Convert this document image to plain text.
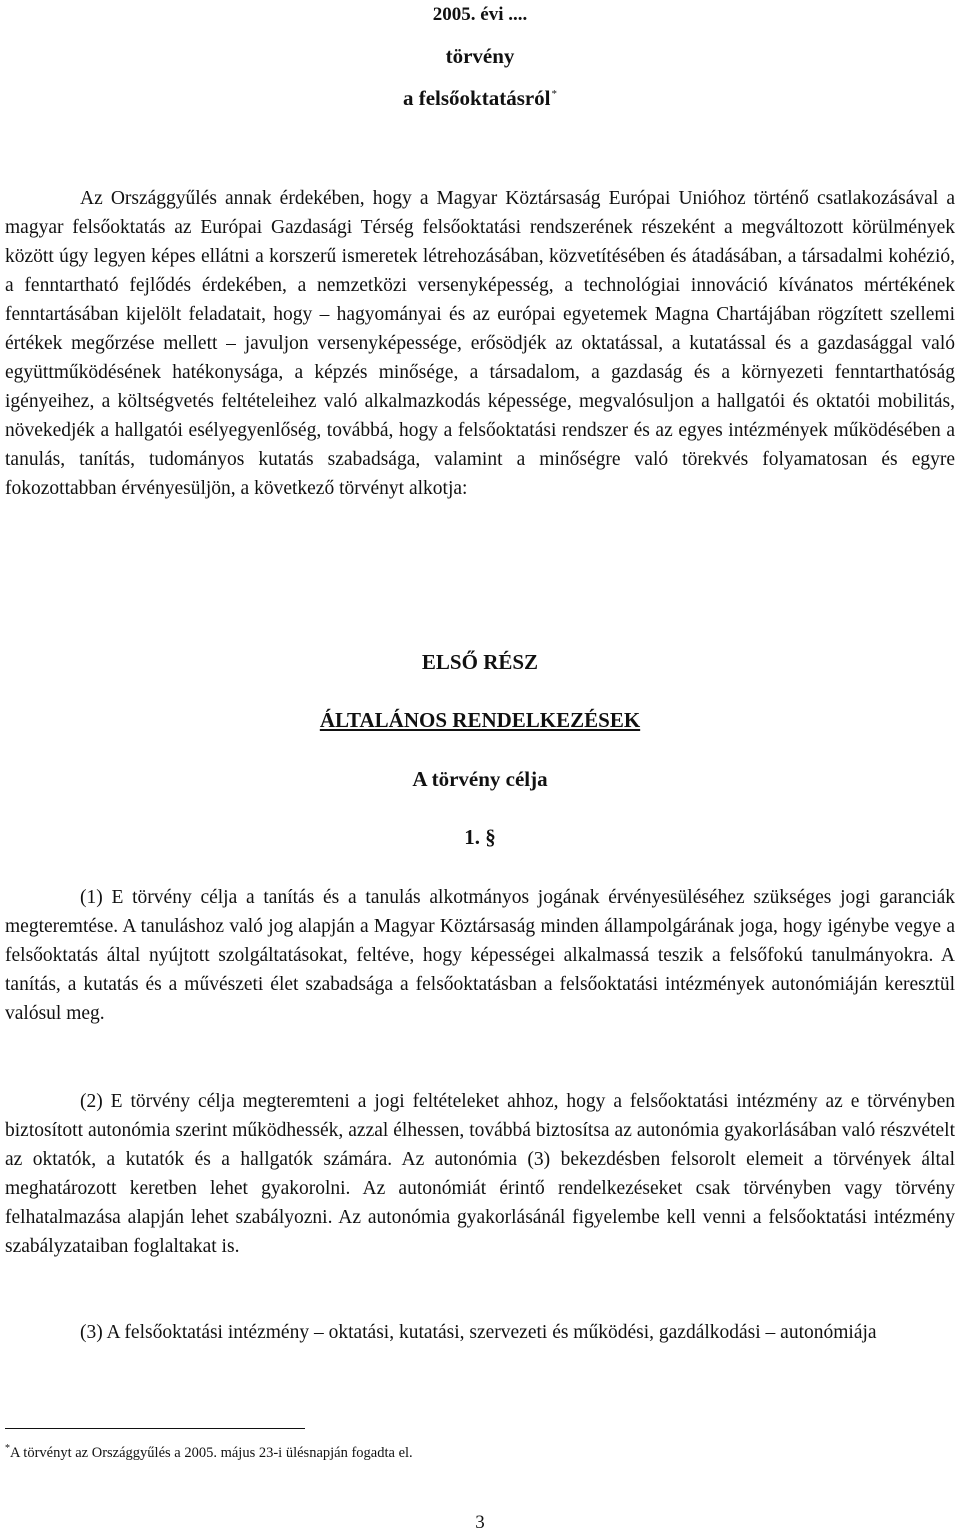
2005. évi ....
törvény
a felsőoktatásról*

Az Országgyűlés annak érdekében, hogy a Magyar Köztársaság Európai Unióhoz történő csatlakozásával a magyar felsőoktatás az Európai Gazdasági Térség felsőoktatási rendszerének részeként a megváltozott körülmények között úgy legyen képes ellátni a korszerű ismeretek létrehozásában, közvetítésében és átadásában, a társadalmi kohézió, a fenntartható fejlődés érdekében, a nemzetközi versenyképesség, a technológiai innováció kívánatos mértékének fenntartásában kijelölt feladatait, hogy – hagyományai és az európai egyetemek Magna Chartájában rögzített szellemi értékek megőrzése mellett – javuljon versenyképessége, erősödjék az oktatással, a kutatással és a gazdasággal való együttműködésének hatékonysága, a képzés minősége, a társadalom, a gazdaság és a környezeti fenntarthatóság igényeihez, a költségvetés feltételeihez való alkalmazkodás képessége, megvalósuljon a hallgatói és oktatói mobilitás, növekedjék a hallgatói esélyegyenlőség, továbbá, hogy a felsőoktatási rendszer és az egyes intézmények működésében a tanulás, tanítás, tudományos kutatás szabadsága, valamint a minőségre való törekvés folyamatosan és egyre fokozottabban érvényesüljön, a következő törvényt alkotja:

ELSŐ RÉSZ
ÁLTALÁNOS RENDELKEZÉSEK
A törvény célja
1. §

(1) E törvény célja a tanítás és a tanulás alkotmányos jogának érvényesüléséhez szükséges jogi garanciák megteremtése. A tanuláshoz való jog alapján a Magyar Köztársaság minden állampolgárának joga, hogy igénybe vegye a felsőoktatás által nyújtott szolgáltatásokat, feltéve, hogy képességei alkalmassá teszik a felsőfokú tanulmányokra. A tanítás, a kutatás és a művészeti élet szabadsága a felsőoktatásban a felsőoktatási intézmények autonómiáján keresztül valósul meg.

(2) E törvény célja megteremteni a jogi feltételeket ahhoz, hogy a felsőoktatási intézmény az e törvényben biztosított autonómia szerint működhessék, azzal élhessen, továbbá biztosítsa az autonómia gyakorlásában való részvételt az oktatók, a kutatók és a hallgatók számára. Az autonómia (3) bekezdésben felsorolt elemeit a törvények által meghatározott keretben lehet gyakorolni. Az autonómiát érintő rendelkezéseket csak törvényben vagy törvény felhatalmazása alapján lehet szabályozni. Az autonómia gyakorlásánál figyelembe kell venni a felsőoktatási intézmény szabályzataiban foglaltakat is.

(3) A felsőoktatási intézmény – oktatási, kutatási, szervezeti és működési, gazdálkodási – autonómiája

*A törvényt az Országgyűlés a 2005. május 23-i ülésnapján fogadta el.
3
